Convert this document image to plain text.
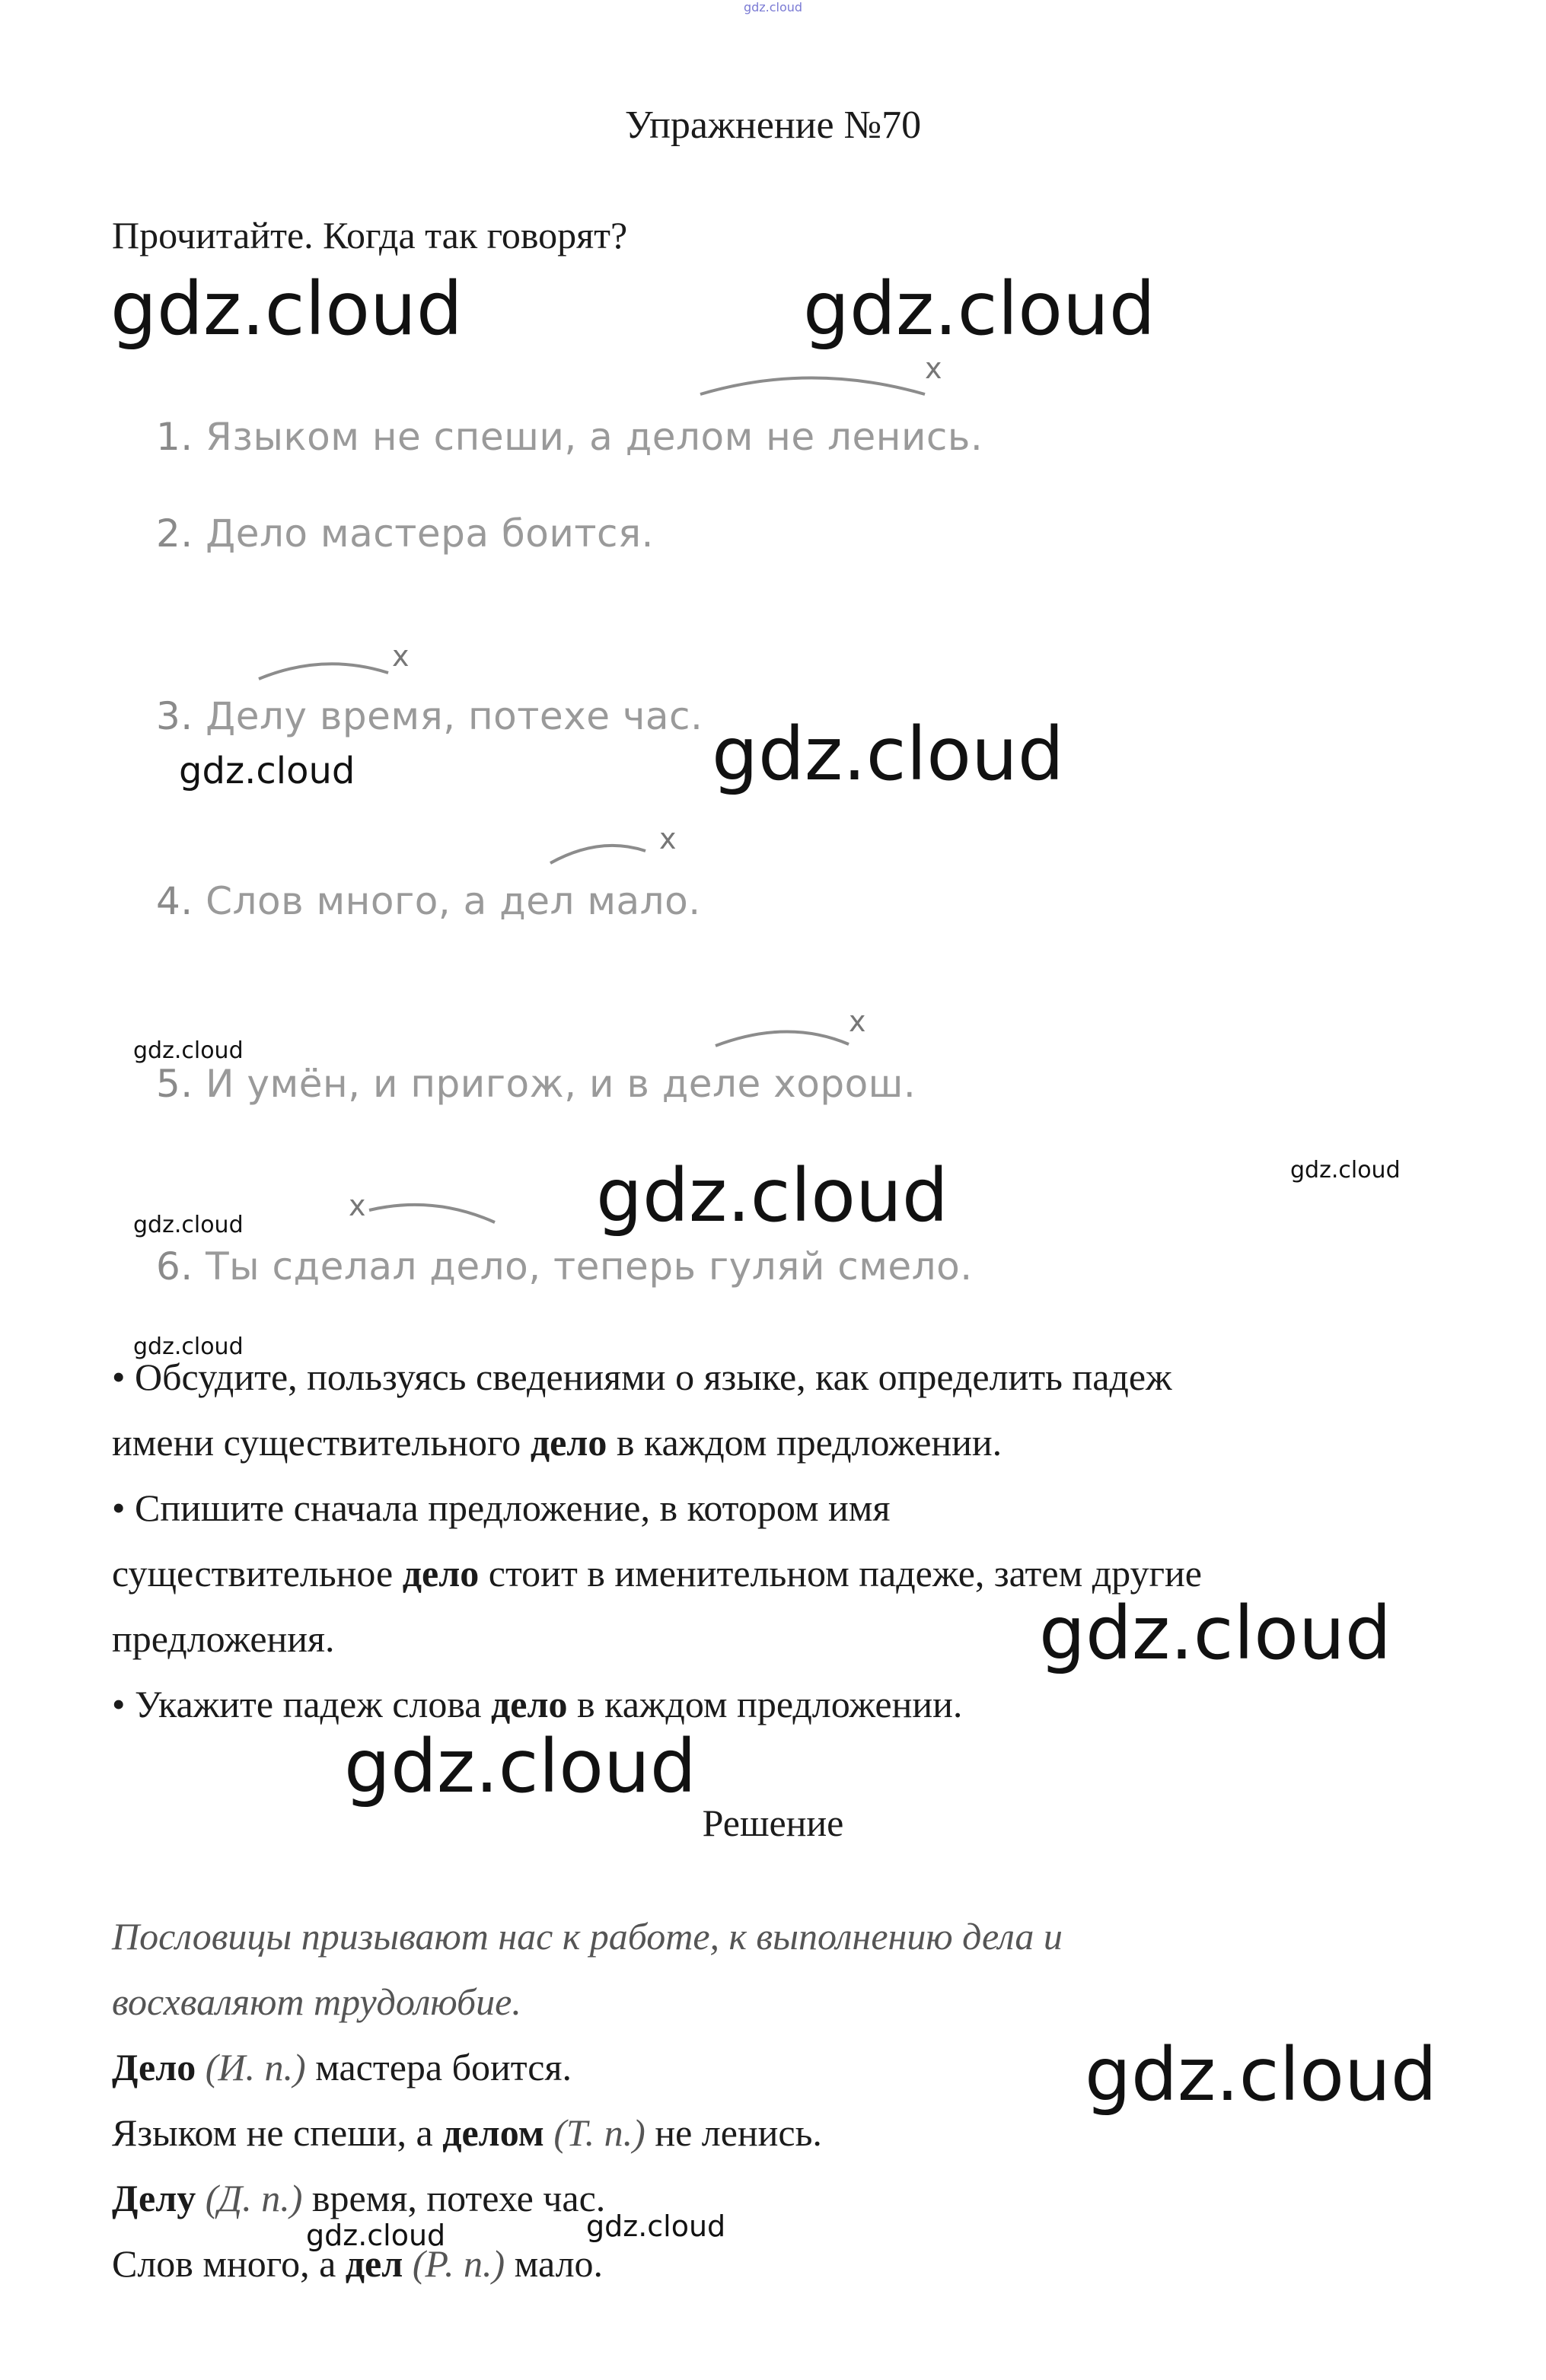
gdz.cloud
Упражнение №70
Прочитайте. Когда так говорят?
gdz.cloud	gdz.cloud
gdz.cloud
gdz.cloud
gdz.cloud
gdz.cloud
gdz.cloud
gdz.cloud
gdz.cloud
gdz.cloud
gdz.cloud
gdz.cloud
gdz.cloud	gdz.cloud
x
1. Языком не спеши, а делом не ленись.
2. Дело мастера боится.
x
3. Делу время, потехе час.
x
4. Слов много, а дел мало.
x
5. И умён, и пригож, и в деле хорош.
x
6. Ты сделал дело, теперь гуляй смело.
• Обсудите, пользуясь сведениями о языке, как определить падеж
имени существительного дело в каждом предложении.
• Спишите сначала предложение, в котором имя
существительное дело стоит в именительном падеже, затем другие
предложения.
• Укажите падеж слова дело в каждом предложении.
Решение
Пословицы призывают нас к работе, к выполнению дела и
восхваляют трудолюбие.
Дело (И. п.) мастера боится.
Языком не спеши, а делом (Т. п.) не ленись.
Делу (Д. п.) время, потехе час.
Слов много, а дел (Р. п.) мало.
